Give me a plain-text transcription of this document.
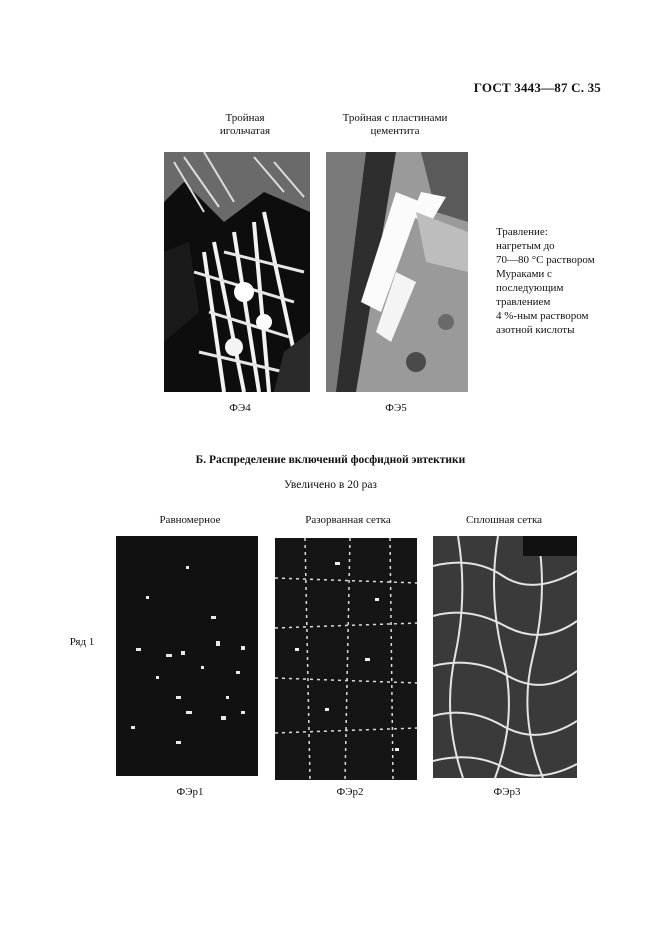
ГОСТ 3443—87 С. 35
Тройная
игольчатая
Тройная с пластинами
цементита
ФЭ4	ФЭ5
Травление:
нагретым до
70—80 °С раствором
Мураками с
последующим
травлением
4 %-ным раствором
азотной кислоты
Б. Распределение включений фосфидной эвтектики
Увеличено в 20 раз
Равномерное	Разорванная сетка	Сплошная сетка
Ряд 1
ФЭр1	ФЭр2	ФЭр3
